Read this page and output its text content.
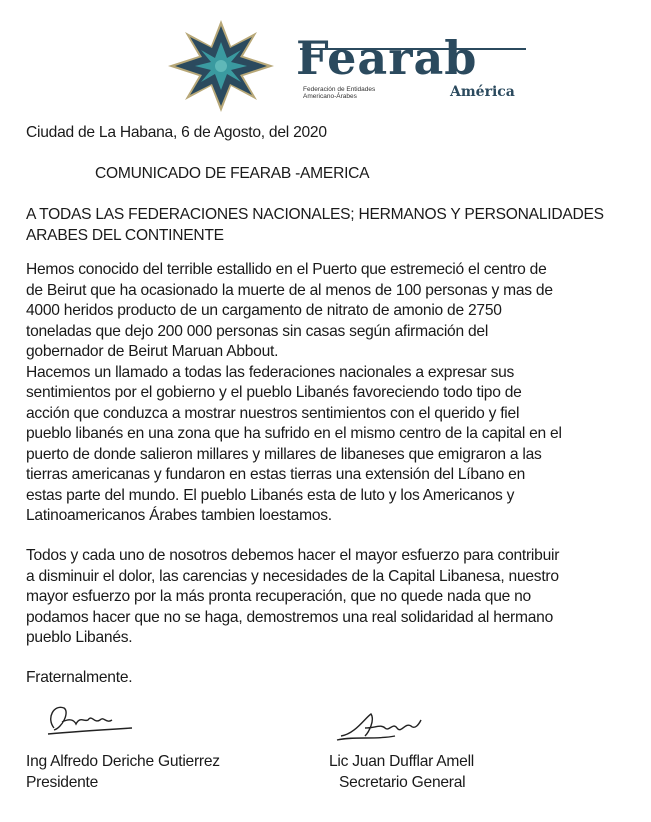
Fearab
Federación de Entidades
Americano-Árabes	América
Ciudad de La Habana, 6 de Agosto, del 2020
COMUNICADO DE FEARAB -AMERICA
A TODAS LAS FEDERACIONES NACIONALES; HERMANOS Y PERSONALIDADES
ARABES DEL CONTINENTE
Hemos conocido del terrible estallido en el Puerto que estremeció el centro de
de Beirut que ha ocasionado la muerte de al menos de 100 personas y mas de
4000 heridos producto de un cargamento de nitrato de amonio de 2750
toneladas que dejo 200 000 personas sin casas según afirmación del
gobernador de Beirut Maruan Abbout.
Hacemos un llamado a todas las federaciones nacionales a expresar sus
sentimientos por el gobierno y el pueblo Libanés favoreciendo todo tipo de
acción que conduzca a mostrar nuestros sentimientos con el querido y fiel
pueblo libanés en una zona que ha sufrido en el mismo centro de la capital en el
puerto de donde salieron millares y millares de libaneses que emigraron a las
tierras americanas y fundaron en estas tierras una extensión del Líbano en
estas parte del mundo. El pueblo Libanés esta de luto y los Americanos y
Latinoamericanos Árabes tambien loestamos.
Todos y cada uno de nosotros debemos hacer el mayor esfuerzo para contribuir
a disminuir el dolor, las carencias y necesidades de la Capital Libanesa, nuestro
mayor esfuerzo por la más pronta recuperación, que no quede nada que no
podamos hacer que no se haga, demostremos una real solidaridad al hermano
pueblo Libanés.
Fraternalmente.
Ing Alfredo Deriche Gutierrez
Presidente
Lic Juan Dufflar Amell
Secretario General
